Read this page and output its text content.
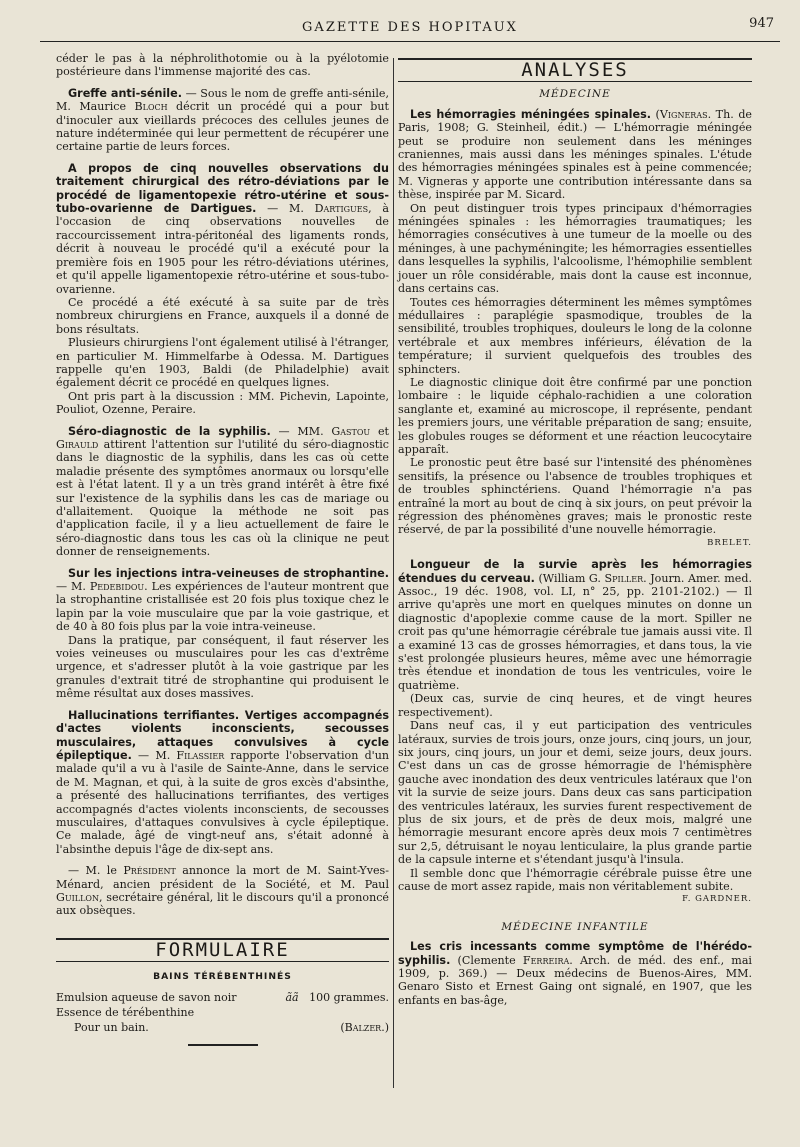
GAZETTE DES HOPITAUX	947

céder le pas à la néphrolithotomie ou à la pyélotomie postérieure dans l'immense majorité des cas.

Greffe anti-sénile. — Sous le nom de greffe anti-sénile, M. Maurice Bloch décrit un procédé qui a pour but d'inoculer aux vieillards précoces des cellules jeunes de nature indéterminée qui leur permettent de récupérer une certaine partie de leurs forces.

A propos de cinq nouvelles observations du traitement chirurgical des rétro-déviations par le procédé de ligamentopexie rétro-utérine et sous-tubo-ovarienne de Dartigues. — M. Dartigues, à l'occasion de cinq observations nouvelles de raccourcissement intra-péritonéal des ligaments ronds, décrit à nouveau le procédé qu'il a exécuté pour la première fois en 1905 pour les rétro-déviations utérines, et qu'il appelle ligamentopexie rétro-utérine et sous-tubo-ovarienne.

Ce procédé a été exécuté à sa suite par de très nombreux chirurgiens en France, auxquels il a donné de bons résultats.

Plusieurs chirurgiens l'ont également utilisé à l'étranger, en particulier M. Himmelfarbe à Odessa. M. Dartigues rappelle qu'en 1903, Baldi (de Philadelphie) avait également décrit ce procédé en quelques lignes.

Ont pris part à la discussion : MM. Pichevin, Lapointe, Pouliot, Ozenne, Peraire.

Séro-diagnostic de la syphilis. — MM. Gastou et Girauld attirent l'attention sur l'utilité du séro-diagnostic dans le diagnostic de la syphilis, dans les cas où cette maladie présente des symptômes anormaux ou lorsqu'elle est à l'état latent. Il y a un très grand intérêt à être fixé sur l'existence de la syphilis dans les cas de mariage ou d'allaitement. Quoique la méthode ne soit pas d'application facile, il y a lieu actuellement de faire le séro-diagnostic dans tous les cas où la clinique ne peut donner de renseignements.

Sur les injections intra-veineuses de strophantine. — M. Pedebidou. Les expériences de l'auteur montrent que la strophantine cristallisée est 20 fois plus toxique chez le lapin par la voie musculaire que par la voie gastrique, et de 40 à 80 fois plus par la voie intra-veineuse.

Dans la pratique, par conséquent, il faut réserver les voies veineuses ou musculaires pour les cas d'extrême urgence, et s'adresser plutôt à la voie gastrique par les granules d'extrait titré de strophantine qui produisent le même résultat aux doses massives.

Hallucinations terrifiantes. Vertiges accompagnés d'actes violents inconscients, secousses musculaires, attaques convulsives à cycle épileptique. — M. Filassier rapporte l'observation d'un malade qu'il a vu à l'asile de Sainte-Anne, dans le service de M. Magnan, et qui, à la suite de gros excès d'absinthe, a présenté des hallucinations terrifiantes, des vertiges accompagnés d'actes violents inconscients, de secousses musculaires, d'attaques convulsives à cycle épileptique. Ce malade, âgé de vingt-neuf ans, s'était adonné à l'absinthe depuis l'âge de dix-sept ans.

— M. le Président annonce la mort de M. Saint-Yves-Ménard, ancien président de la Société, et M. Paul Guillon, secrétaire général, lit le discours qu'il a prononcé aux obsèques.

FORMULAIRE
BAINS TÉRÉBENTHINÉS
Emulsion aqueuse de savon noir	ãã	100 grammes.
Essence de térébenthine		
Pour un bain.		(Balzer.)
ANALYSES
MÉDECINE

Les hémorragies méningées spinales. (Vigneras. Th. de Paris, 1908; G. Steinheil, édit.) — L'hémorragie méningée peut se produire non seulement dans les méninges craniennes, mais aussi dans les méninges spinales. L'étude des hémorragies méningées spinales est à peine commencée; M. Vigneras y apporte une contribution intéressante dans sa thèse, inspirée par M. Sicard.

On peut distinguer trois types principaux d'hémorragies méningées spinales : les hémorragies traumatiques; les hémorragies consécutives à une tumeur de la moelle ou des méninges, à une pachyméningite; les hémorragies essentielles dans lesquelles la syphilis, l'alcoolisme, l'hémophilie semblent jouer un rôle considérable, mais dont la cause est inconnue, dans certains cas.

Toutes ces hémorragies déterminent les mêmes symptômes médullaires : paraplégie spasmodique, troubles de la sensibilité, troubles trophiques, douleurs le long de la colonne vertébrale et aux membres inférieurs, élévation de la température; il survient quelquefois des troubles des sphincters.

Le diagnostic clinique doit être confirmé par une ponction lombaire : le liquide céphalo-rachidien a une coloration sanglante et, examiné au microscope, il représente, pendant les premiers jours, une véritable préparation de sang; ensuite, les globules rouges se déforment et une réaction leucocytaire apparaît.

Le pronostic peut être basé sur l'intensité des phénomènes sensitifs, la présence ou l'absence de troubles trophiques et de troubles sphinctériens. Quand l'hémorragie n'a pas entraîné la mort au bout de cinq à six jours, on peut prévoir la régression des phénomènes graves; mais le pronostic reste réservé, de par la possibilité d'une nouvelle hémorragie.

BRELET.

Longueur de la survie après les hémorragies étendues du cerveau. (William G. Spiller. Journ. Amer. med. Assoc., 19 déc. 1908, vol. LI, n° 25, pp. 2101-2102.) — Il arrive qu'après une mort en quelques minutes on donne un diagnostic d'apoplexie comme cause de la mort. Spiller ne croit pas qu'une hémorragie cérébrale tue jamais aussi vite. Il a examiné 13 cas de grosses hémorragies, et dans tous, la vie s'est prolongée plusieurs heures, même avec une hémorragie très étendue et inondation de tous les ventricules, voire le quatrième.

(Deux cas, survie de cinq heures, et de vingt heures respectivement).

Dans neuf cas, il y eut participation des ventricules latéraux, survies de trois jours, onze jours, cinq jours, un jour, six jours, cinq jours, un jour et demi, seize jours, deux jours. C'est dans un cas de grosse hémorragie de l'hémisphère gauche avec inondation des deux ventricules latéraux que l'on vit la survie de seize jours. Dans deux cas sans participation des ventricules latéraux, les survies furent respectivement de plus de six jours, et de près de deux mois, malgré une hémorragie mesurant encore après deux mois 7 centimètres sur 2,5, détruisant le noyau lenticulaire, la plus grande partie de la capsule interne et s'étendant jusqu'à l'insula.

Il semble donc que l'hémorragie cérébrale puisse être une cause de mort assez rapide, mais non véritablement subite.

F. GARDNER.
MÉDECINE INFANTILE

Les cris incessants comme symptôme de l'hérédo-syphilis. (Clemente Ferreira. Arch. de méd. des enf., mai 1909, p. 369.) — Deux médecins de Buenos-Aires, MM. Genaro Sisto et Ernest Gaing ont signalé, en 1907, que les enfants en bas-âge,
